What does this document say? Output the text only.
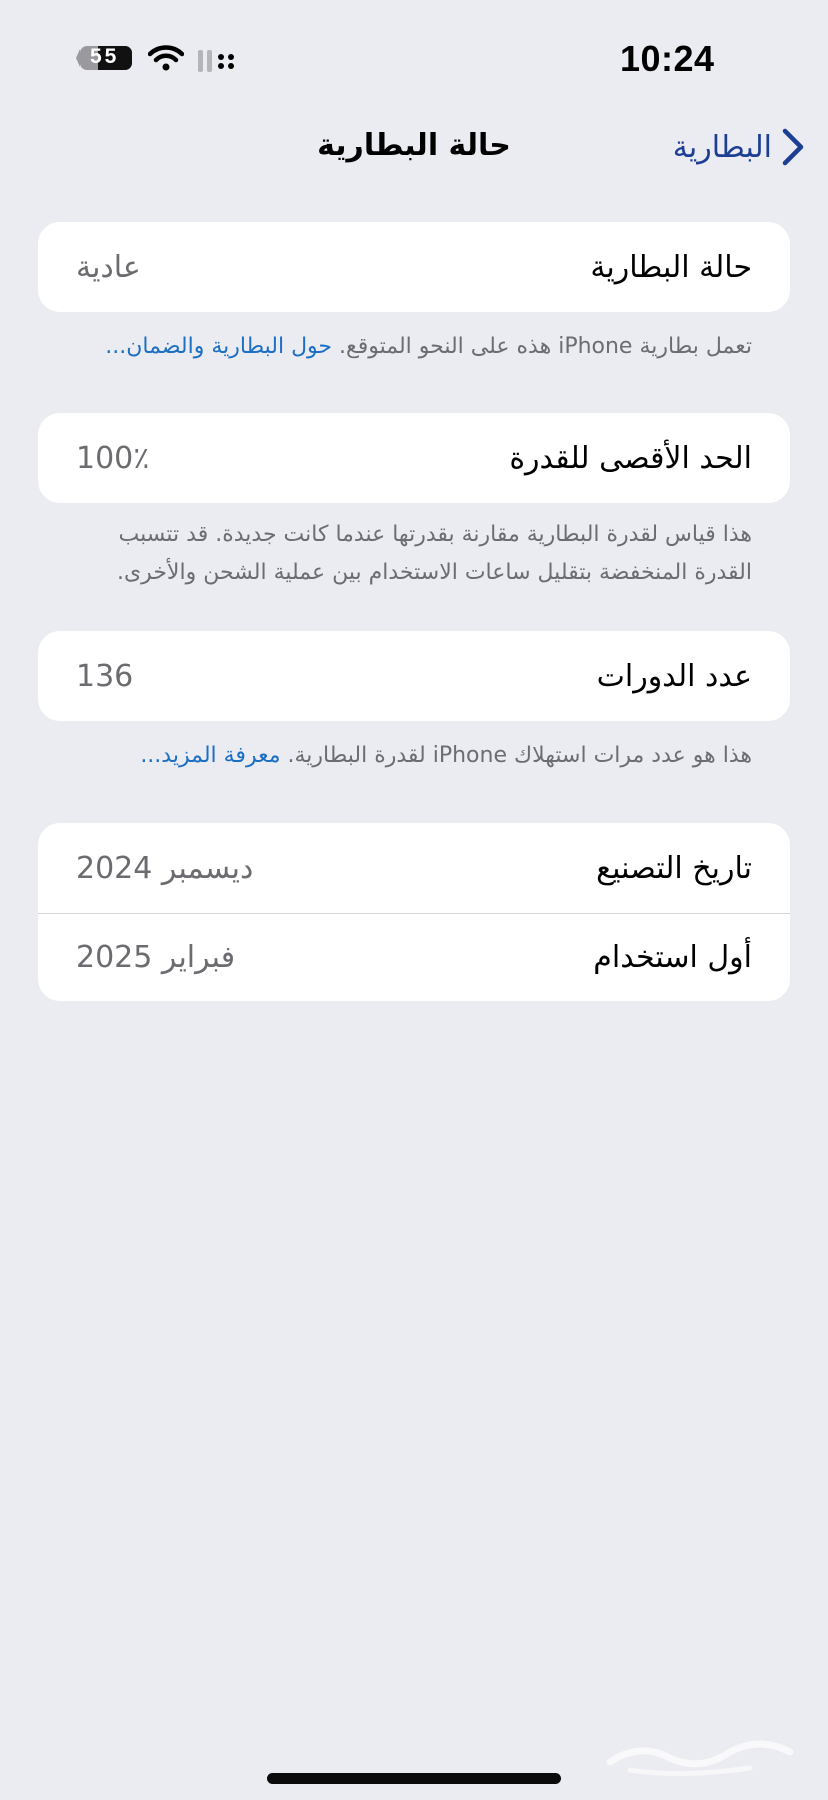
55	10:24
حالة البطارية	البطارية
حالة البطارية
عادية
تعمل بطارية iPhone هذه على النحو المتوقع. حول البطارية والضمان...
الحد الأقصى للقدرة
100٪
هذا قياس لقدرة البطارية مقارنة بقدرتها عندما كانت جديدة. قد تتسبب القدرة المنخفضة بتقليل ساعات الاستخدام بين عملية الشحن والأخرى.
عدد الدورات
136
هذا هو عدد مرات استهلاك iPhone لقدرة البطارية. معرفة المزيد...
تاريخ التصنيع
ديسمبر 2024
أول استخدام
فبراير 2025
